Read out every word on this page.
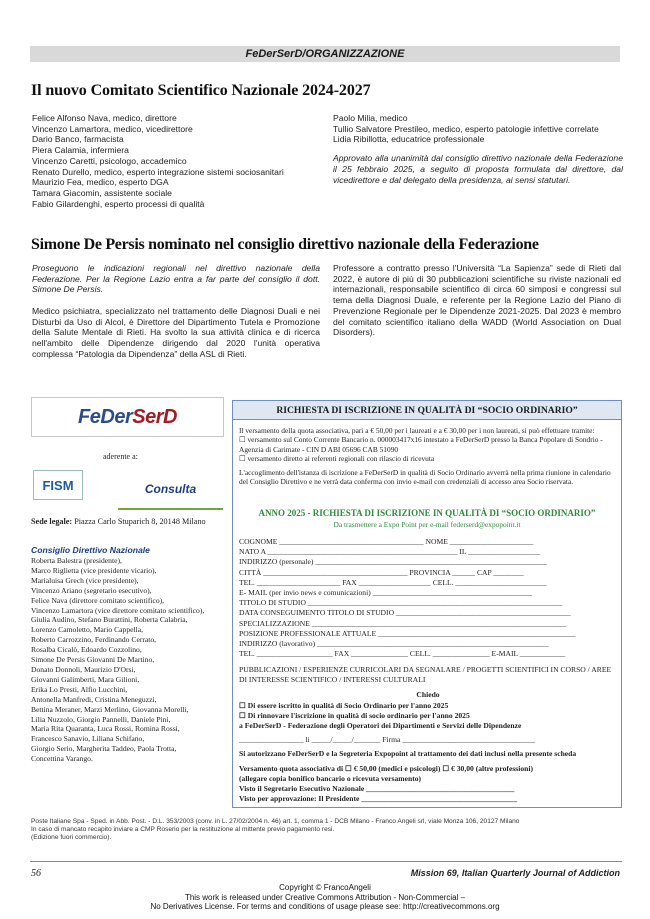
FeDerSerD/ORGANIZZAZIONE
Il nuovo Comitato Scientifico Nazionale 2024-2027
Felice Alfonso Nava, medico, direttore
Vincenzo Lamartora, medico, vicedirettore
Dario Banco, farmacista
Piera Calamia, infermiera
Vincenzo Caretti, psicologo, accademico
Renato Durello, medico, esperto integrazione sistemi sociosanitari
Maurizio Fea, medico, esperto DGA
Tamara Giacomin, assistente sociale
Fabio Gilardenghi, esperto processi di qualità
Paolo Milia, medico
Tullio Salvatore Prestileo, medico, esperto patologie infettive correlate
Lidia Ribillotta, educatrice professionale
Approvato alla unanimità dal consiglio direttivo nazionale della Federazione il 25 febbraio 2025, a seguito di proposta formulata dal direttore, dal vicedirettore e dal delegato della presidenza, ai sensi statutari.
Simone De Persis nominato nel consiglio direttivo nazionale della Federazione
Proseguono le indicazioni regionali nel direttivo nazionale della Federazione. Per la Regione Lazio entra a far parte del consiglio il dott. Simone De Persis.
Medico psichiatra, specializzato nel trattamento delle Diagnosi Duali e nei Disturbi da Uso di Alcol, è Direttore del Dipartimento Tutela e Promozione della Salute Mentale di Rieti. Ha svolto la sua attività clinica e di ricerca nell'ambito delle Dipendenze dirigendo dal 2020 l'unità operativa complessa “Patologia da Dipendenza” della ASL di Rieti.
Professore a contratto presso l'Università “La Sapienza” sede di Rieti dal 2022, è autore di più di 30 pubblicazioni scientifiche su riviste nazionali ed internazionali, responsabile scientifico di circa 60 simposi e congressi sul tema della Diagnosi Duale, e referente per la Regione Lazio del Piano di Prevenzione Regionale per le Dipendenze 2021-2025. Dal 2023 è membro del comitato scientifico italiano della WADD (World Association on Dual Disorders).
FeDerSerD
aderente a:
FISM	Consulta
Sede legale: Piazza Carlo Stuparich 8, 20148 Milano
Consiglio Direttivo Nazionale
Roberta Balestra (presidente),
Marco Riglietta (vice presidente vicario),
Marialuisa Grech (vice presidente),
Vincenzo Ariano (segretario esecutivo),
Felice Nava (direttore comitato scientifico),
Vincenzo Lamartora (vice direttore comitato scientifico),
Giulia Audino, Stefano Burattini, Roberta Calabria,
Lorenzo Camoletto, Mario Cappella,
Roberto Carrozzino, Ferdinando Cerrato,
Rosalba Cicalò, Edoardo Cozzolino,
Simone De Persis Giovanni De Martino,
Donato Donnoli, Maurizio D'Orsi,
Giovanni Galimberti, Mara Gilioni,
Erika Lo Presti, Alfio Lucchini,
Antonella Manfredi, Cristina Meneguzzi,
Bettina Meraner, Marzi Merlino, Giovanna Morelli,
Lilia Nuzzolo, Giorgio Pannelli, Daniele Pini,
Maria Rita Quaranta, Luca Rossi, Romina Rossi,
Francesco Sanavio, Liliana Schifano,
Giorgio Serio, Margherita Taddeo, Paola Trotta,
Concettina Varango.
RICHIESTA DI ISCRIZIONE IN QUALITÀ DI “SOCIO ORDINARIO”
Il versamento della quota associativa, pari a € 50,00 per i laureati e a € 30,00 per i non laureati, si può effettuare tramite:
☐ versamento sul Conto Corrente Bancario n. 000003417x16 intestato a FeDerSerD presso la Banca Popolare di Sondrio - Agenzia di Carimate - CIN D ABI 05696 CAB 51090
☐ versamento diretto ai referenti regionali con rilascio di ricevuta
L'accoglimento dell'istanza di iscrizione a FeDerSerD in qualità di Socio Ordinario avverrà nella prima riunione in calendario del Consiglio Direttivo e ne verrà data conferma con invio e-mail con credenziali di accesso area Socio riservata.
ANNO 2025 - RICHIESTA DI ISCRIZIONE IN QUALITÀ DI “SOCIO ORDINARIO”
Da trasmettere a Expo Point per e-mail federserd@expopoint.it
COGNOME ______________________________________ NOME ______________________
NATO A __________________________________________________ IL ___________________
INDIRIZZO (personale) _____________________________________________________________
CITTÀ ______________________________________ PROVINCIA ______ CAP ________
TEL. ______________________ FAX ___________________ CELL. ________________________
E- MAIL (per invio news e comunicazioni) __________________________________________
TITOLO DI STUDIO ___________________________________________________________________
DATA CONSEGUIMENTO TITOLO DI STUDIO ______________________________________________
SPECIALIZZAZIONE ___________________________________________________________________
POSIZIONE PROFESSIONALE ATTUALE ____________________________________________________
INDIRIZZO (lavorativo) _____________________________________________________________
TEL. ____________________ FAX _______________ CELL. _______________ E-MAIL ____________
PUBBLICAZIONI / ESPERIENZE CURRICOLARI DA SEGNALARE / PROGETTI SCIENTIFICI IN CORSO / AREE DI INTERESSE SCIENTIFICO / INTERESSI CULTURALI
Chiedo
☐ Di essere iscritto in qualità di Socio Ordinario per l'anno 2025
☐ Di rinnovare l'iscrizione in qualità di socio ordinario per l'anno 2025
a FeDerSerD - Federazione degli Operatori dei Dipartimenti e Servizi delle Dipendenze
_________________ li _____/_____/_______ Firma ___________________________________
Si autorizzano FeDerSerD e la Segreteria Expopoint al trattamento dei dati inclusi nella presente scheda
Versamento quota associativa di ☐ € 50,00 (medici e psicologi) ☐ € 30,00 (altre professioni)
(allegare copia bonifico bancario o ricevuta versamento)
Visto il Segretario Esecutivo Nazionale _______________________________________
Visto per approvazione: Il Presidente _________________________________________
Poste Italiane Spa - Sped. in Abb. Post. - D.L. 353/2003 (conv. in L. 27/02/2004 n. 46) art. 1, comma 1 - DCB Milano - Franco Angeli srl, viale Monza 106, 20127 Milano
In caso di mancato recapito inviare a CMP Roserio per la restituzione al mittente previo pagamento resi.
(Edizione fuori commercio).
56	Mission 69, Italian Quarterly Journal of Addiction
Copyright © FrancoAngeli
This work is released under Creative Commons Attribution - Non-Commercial –
No Derivatives License. For terms and conditions of usage please see: http://creativecommons.org
